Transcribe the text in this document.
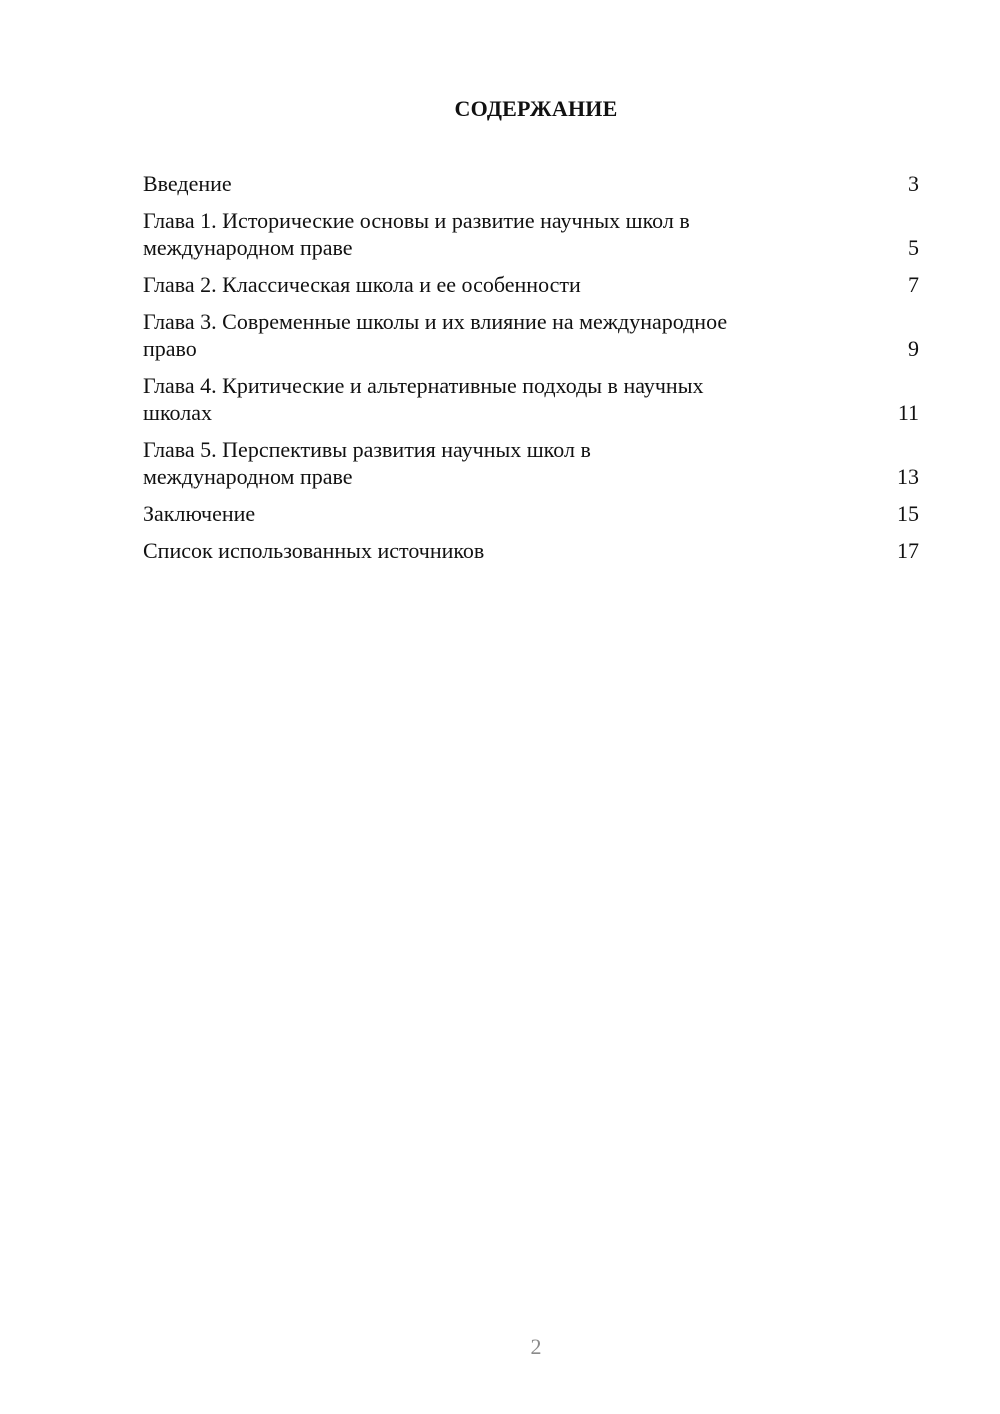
СОДЕРЖАНИЕ
Введение	3
Глава 1. Исторические основы и развитие научных школ в
международном праве	5
Глава 2. Классическая школа и ее особенности	7
Глава 3. Современные школы и их влияние на международное
право	9
Глава 4. Критические и альтернативные подходы в научных
школах	11
Глава 5. Перспективы развития научных школ в
международном праве	13
Заключение	15
Список использованных источников	17
2
